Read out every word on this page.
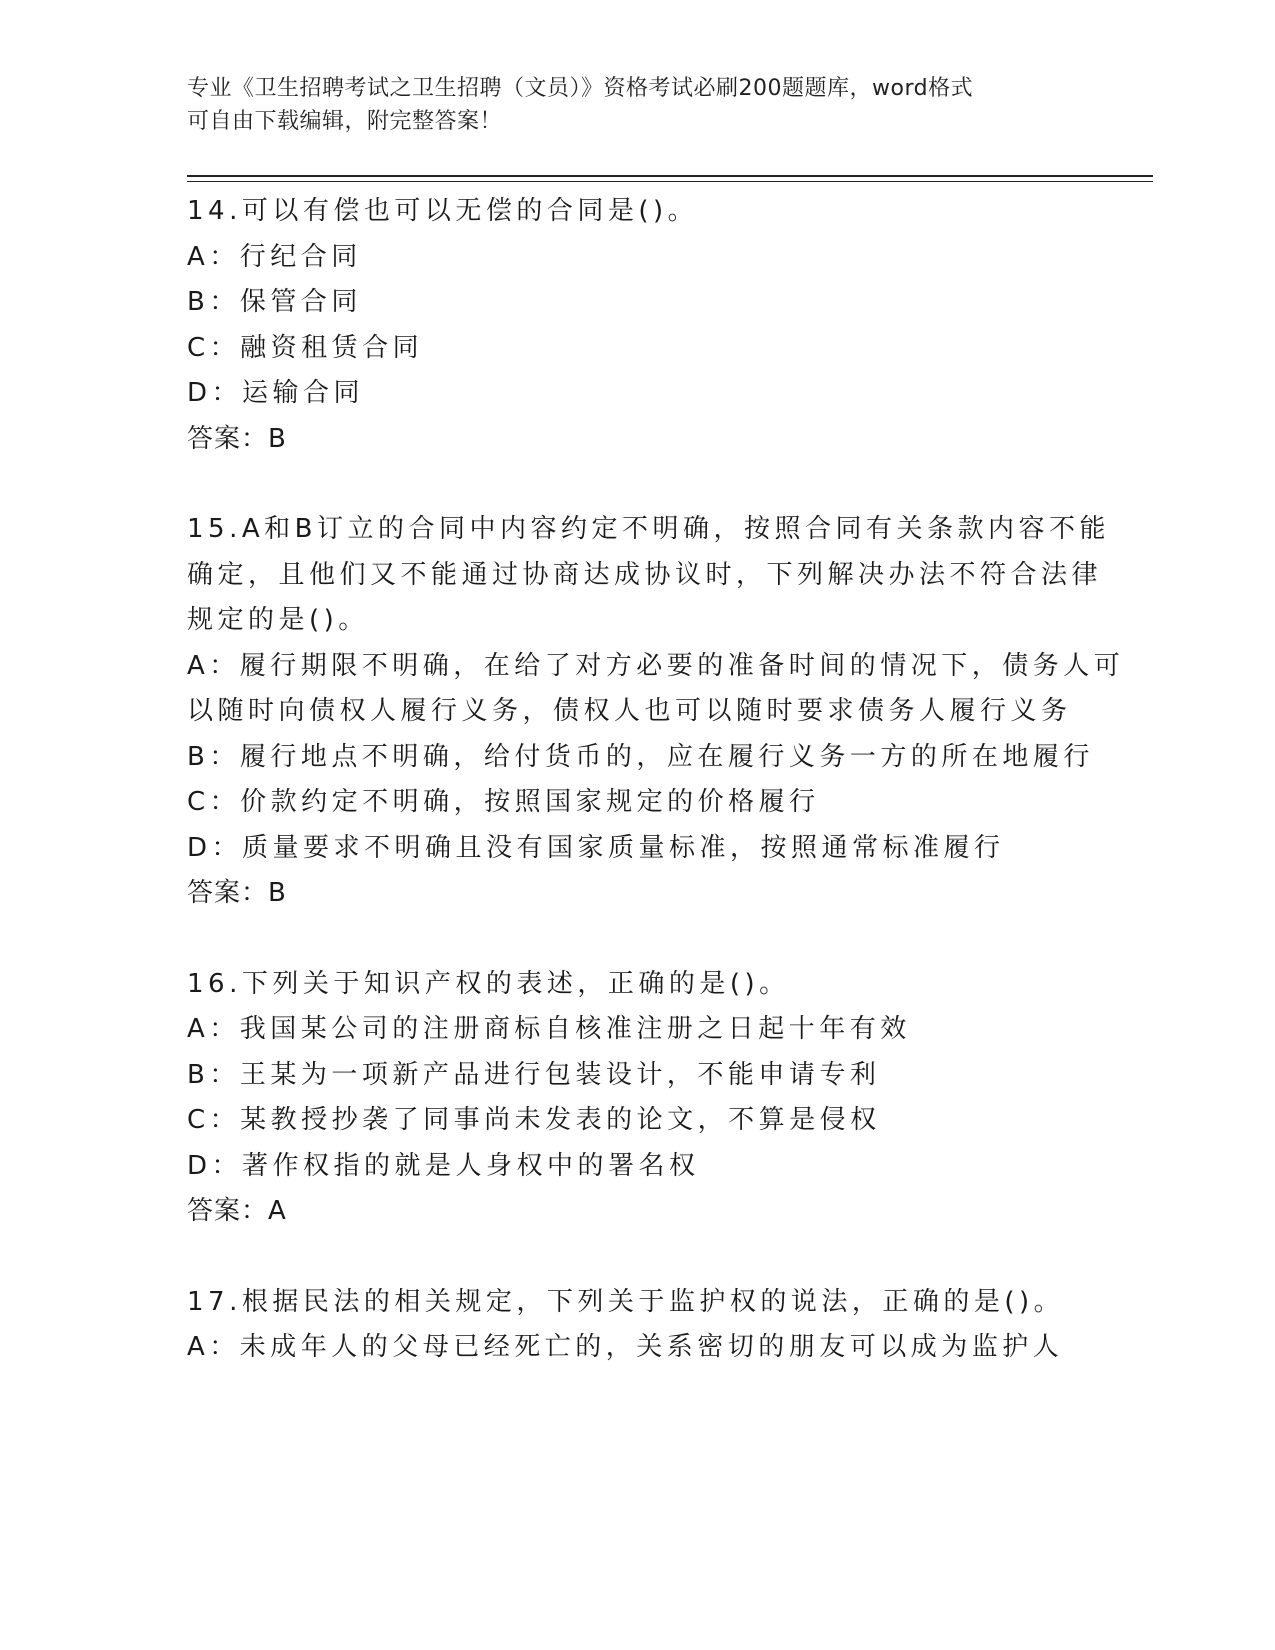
专业《卫生招聘考试之卫生招聘（文员）》资格考试必刷200题题库，word格式
可自由下载编辑，附完整答案！
14.可以有偿也可以无偿的合同是()。
A：行纪合同
B：保管合同
C：融资租赁合同
D：运输合同
答案：B
15.A和B订立的合同中内容约定不明确，按照合同有关条款内容不能
确定，且他们又不能通过协商达成协议时，下列解决办法不符合法律
规定的是()。
A：履行期限不明确，在给了对方必要的准备时间的情况下，债务人可
以随时向债权人履行义务，债权人也可以随时要求债务人履行义务
B：履行地点不明确，给付货币的，应在履行义务一方的所在地履行
C：价款约定不明确，按照国家规定的价格履行
D：质量要求不明确且没有国家质量标准，按照通常标准履行
答案：B
16.下列关于知识产权的表述，正确的是()。
A：我国某公司的注册商标自核准注册之日起十年有效
B：王某为一项新产品进行包装设计，不能申请专利
C：某教授抄袭了同事尚未发表的论文，不算是侵权
D：著作权指的就是人身权中的署名权
答案：A
17.根据民法的相关规定，下列关于监护权的说法，正确的是()。
A：未成年人的父母已经死亡的，关系密切的朋友可以成为监护人
